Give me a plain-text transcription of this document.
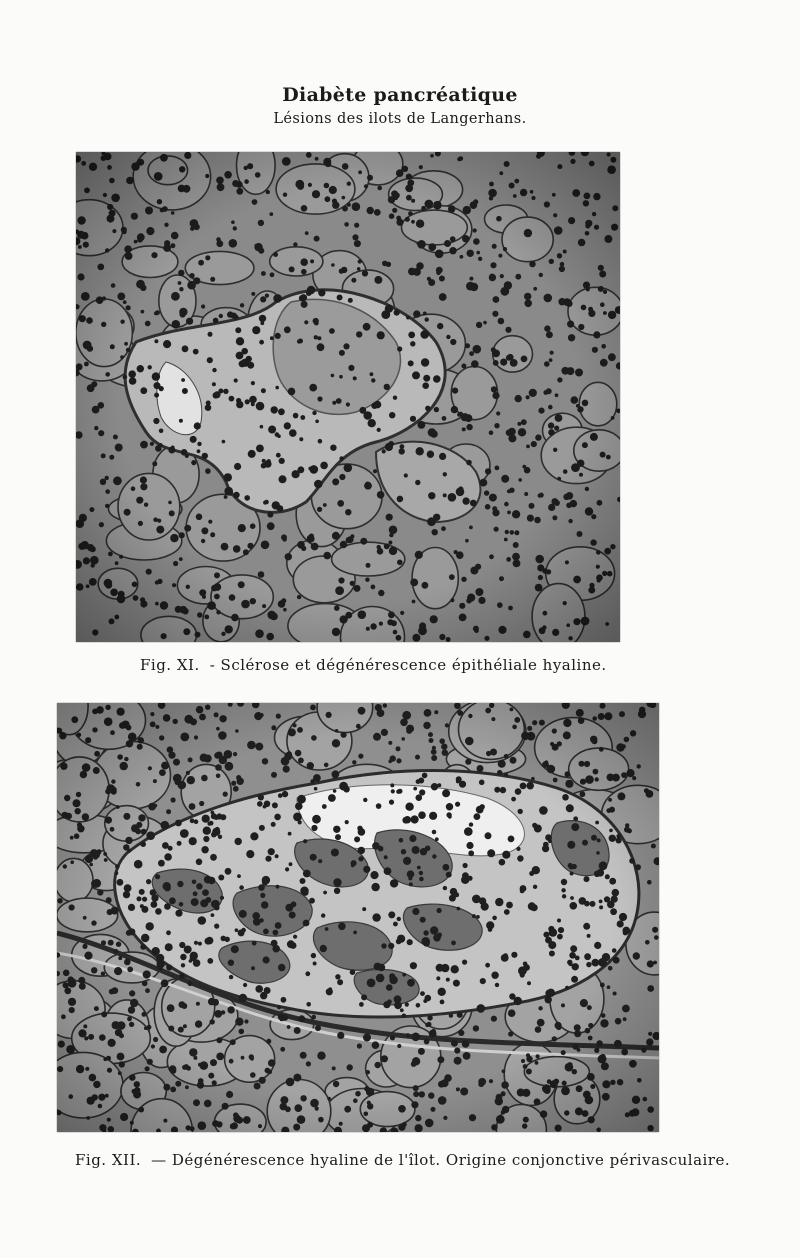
Diabète pancréatique
Lésions des ilots de Langerhans.
Fig. XI. - Sclérose et dégénérescence épithéliale hyaline.
Fig. XII. — Dégénérescence hyaline de l'îlot. Origine conjonctive périvasculaire.
